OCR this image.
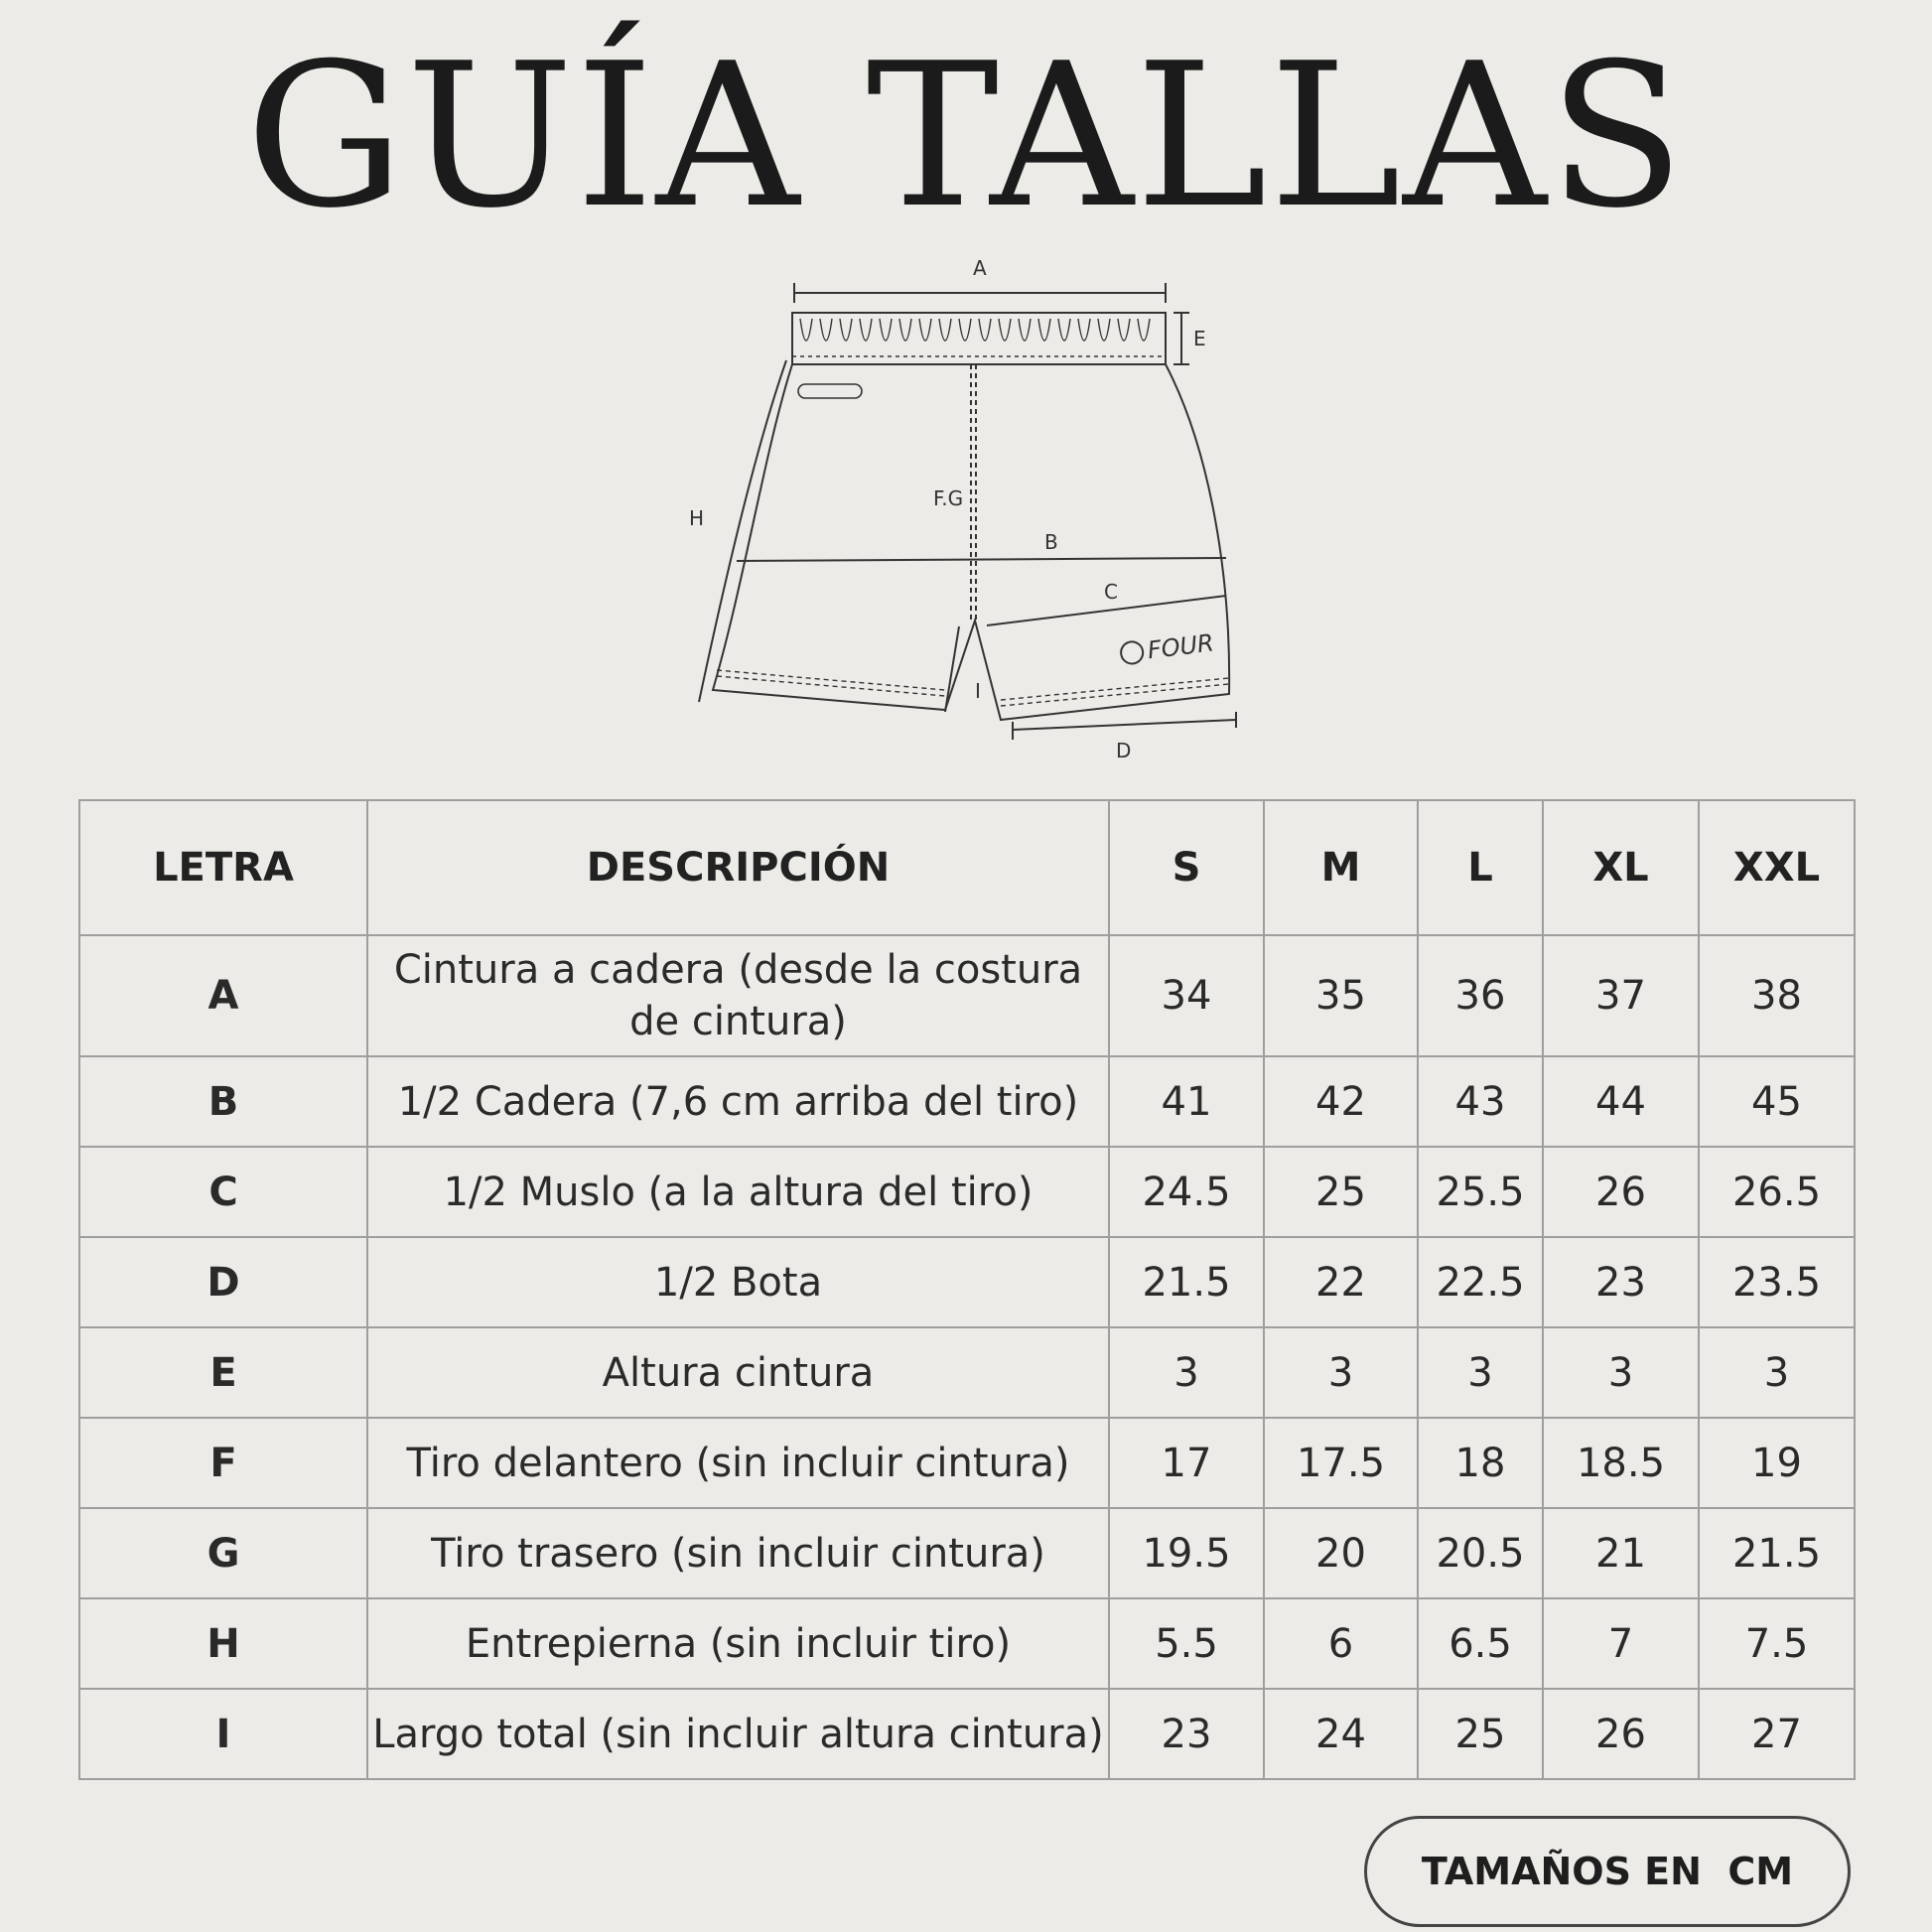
GUÍA TALLAS
A
E
F.G
B
C
H
I
D
FOUR
LETRA	DESCRIPCIÓN	S	M	L	XL	XXL
A	Cintura a cadera (desde la costura de cintura)	34	35	36	37	38
B	1/2 Cadera (7,6 cm arriba del tiro)	41	42	43	44	45
C	1/2 Muslo (a la altura del tiro)	24.5	25	25.5	26	26.5
D	1/2 Bota	21.5	22	22.5	23	23.5
E	Altura cintura	3	3	3	3	3
F	Tiro delantero (sin incluir cintura)	17	17.5	18	18.5	19
G	Tiro trasero (sin incluir cintura)	19.5	20	20.5	21	21.5
H	Entrepierna (sin incluir tiro)	5.5	6	6.5	7	7.5
I	Largo total (sin incluir altura cintura)	23	24	25	26	27
TAMAÑOS EN  CM
